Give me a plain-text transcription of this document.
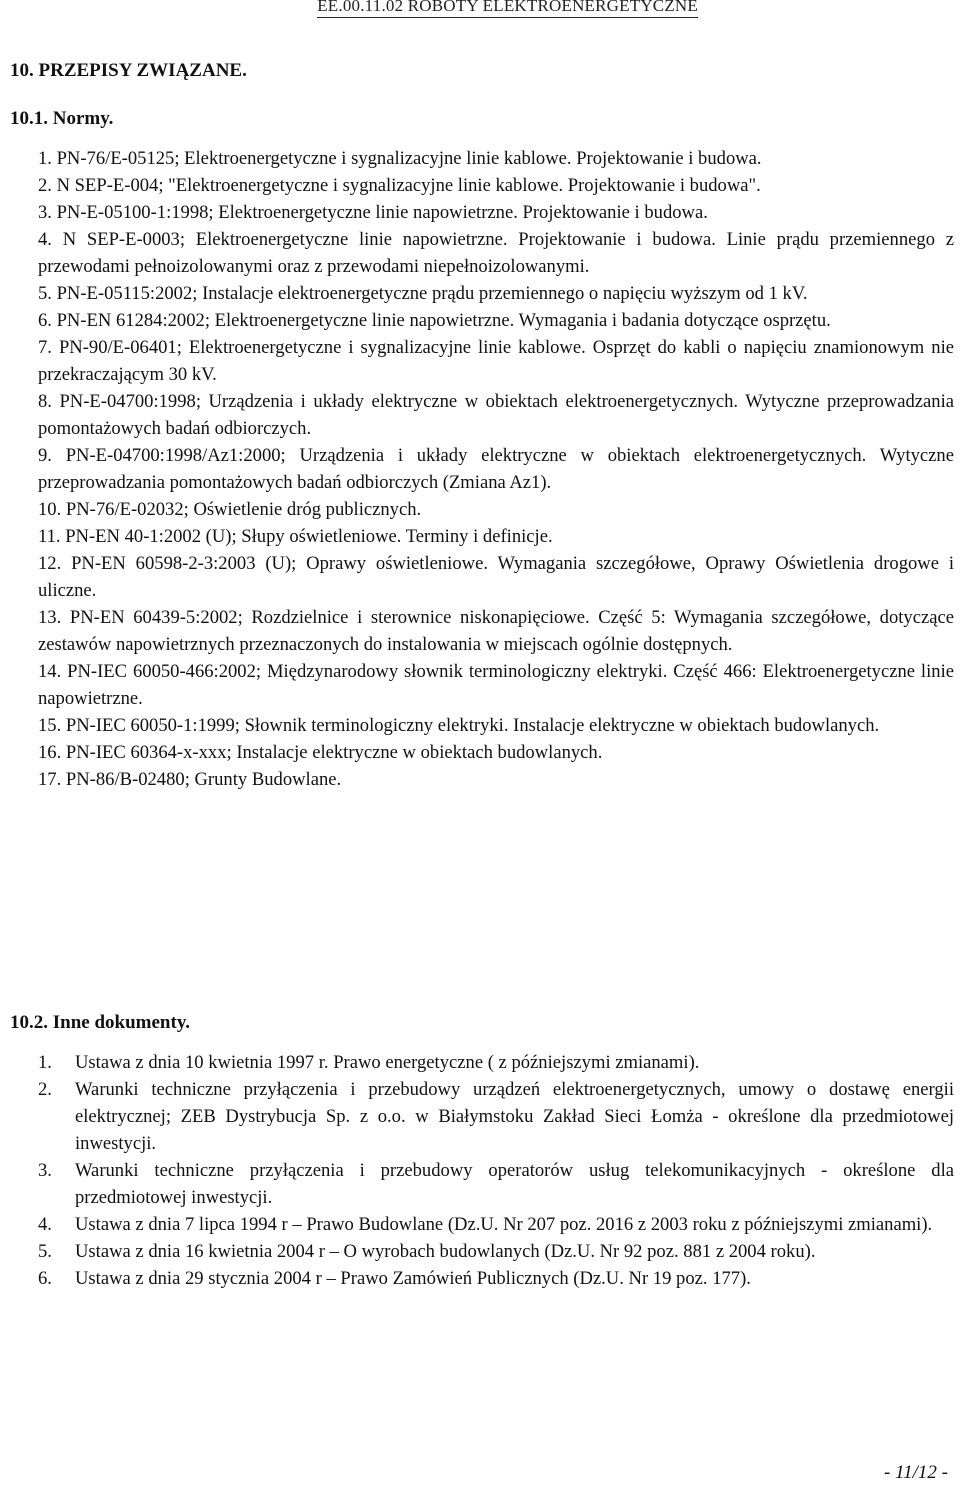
EE.00.11.02 ROBOTY ELEKTROENERGETYCZNE
10. PRZEPISY ZWIĄZANE.
10.1. Normy.

1. PN-76/E-05125; Elektroenergetyczne i sygnalizacyjne linie kablowe. Projektowanie i budowa.

2. N SEP-E-004; "Elektroenergetyczne i sygnalizacyjne linie kablowe. Projektowanie i budowa".

3. PN-E-05100-1:1998; Elektroenergetyczne linie napowietrzne. Projektowanie i budowa.

4. N SEP-E-0003; Elektroenergetyczne linie napowietrzne. Projektowanie i budowa. Linie prądu przemiennego z przewodami pełnoizolowanymi oraz z przewodami niepełnoizolowanymi.

5. PN-E-05115:2002; Instalacje elektroenergetyczne prądu przemiennego o napięciu wyższym od 1 kV.

6. PN-EN 61284:2002; Elektroenergetyczne linie napowietrzne. Wymagania i badania dotyczące osprzętu.

7. PN-90/E-06401; Elektroenergetyczne i sygnalizacyjne linie kablowe. Osprzęt do kabli o napięciu znamionowym nie przekraczającym 30 kV.

8. PN-E-04700:1998; Urządzenia i układy elektryczne w obiektach elektroenergetycznych. Wytyczne przeprowadzania pomontażowych badań odbiorczych.

9. PN-E-04700:1998/Az1:2000; Urządzenia i układy elektryczne w obiektach elektroenergetycznych. Wytyczne przeprowadzania pomontażowych badań odbiorczych (Zmiana Az1).

10. PN-76/E-02032; Oświetlenie dróg publicznych.

11. PN-EN 40-1:2002 (U); Słupy oświetleniowe. Terminy i definicje.

12. PN-EN 60598-2-3:2003 (U); Oprawy oświetleniowe. Wymagania szczegółowe, Oprawy Oświetlenia drogowe i uliczne.

13. PN-EN 60439-5:2002; Rozdzielnice i sterownice niskonapięciowe. Część 5: Wymagania szczegółowe, dotyczące zestawów napowietrznych przeznaczonych do instalowania w miejscach ogólnie dostępnych.

14. PN-IEC 60050-466:2002; Międzynarodowy słownik terminologiczny elektryki. Część 466: Elektroenergetyczne linie napowietrzne.

15. PN-IEC 60050-1:1999; Słownik terminologiczny elektryki. Instalacje elektryczne w obiektach budowlanych.

16. PN-IEC 60364-x-xxx; Instalacje elektryczne w obiektach budowlanych.

17. PN-86/B-02480; Grunty Budowlane.

10.2. Inne dokumenty.
1.	Ustawa z dnia 10 kwietnia 1997 r. Prawo energetyczne ( z późniejszymi zmianami).
2.	Warunki techniczne przyłączenia i przebudowy urządzeń elektroenergetycznych, umowy o dostawę energii elektrycznej; ZEB Dystrybucja Sp. z o.o. w Białymstoku Zakład Sieci Łomża - określone dla przedmiotowej inwestycji.
3.	Warunki techniczne przyłączenia i przebudowy operatorów usług telekomunikacyjnych - określone dla przedmiotowej inwestycji.
4.	Ustawa z dnia 7 lipca 1994 r – Prawo Budowlane (Dz.U. Nr 207 poz. 2016 z 2003 roku z późniejszymi zmianami).
5.	Ustawa z dnia 16 kwietnia 2004 r – O wyrobach budowlanych (Dz.U. Nr 92 poz. 881 z 2004 roku).
6.	Ustawa z dnia 29 stycznia 2004 r – Prawo Zamówień Publicznych (Dz.U. Nr 19 poz. 177).
- 11/12 -
